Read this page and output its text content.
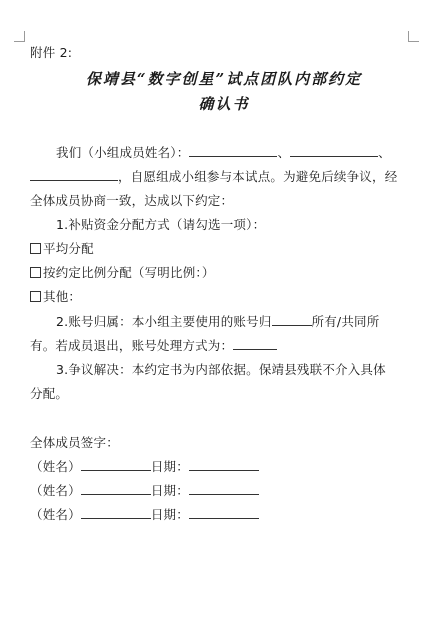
附件 2:
保靖县“数字创星”试点团队内部约定
确认书
我们（小组成员姓名）：	、	、
，自愿组成小组参与本试点。为避免后续争议，经
全体成员协商一致，达成以下约定：
1.补贴资金分配方式（请勾选一项）：
平均分配
按约定比例分配（写明比例：）
其他：
2.账号归属：本小组主要使用的账号归	所有/共同所
有。若成员退出，账号处理方式为：
3.争议解决：本约定书为内部依据。保靖县残联不介入具体
分配。
全体成员签字：
（姓名）	日期：
（姓名）	日期：
（姓名）	日期：
